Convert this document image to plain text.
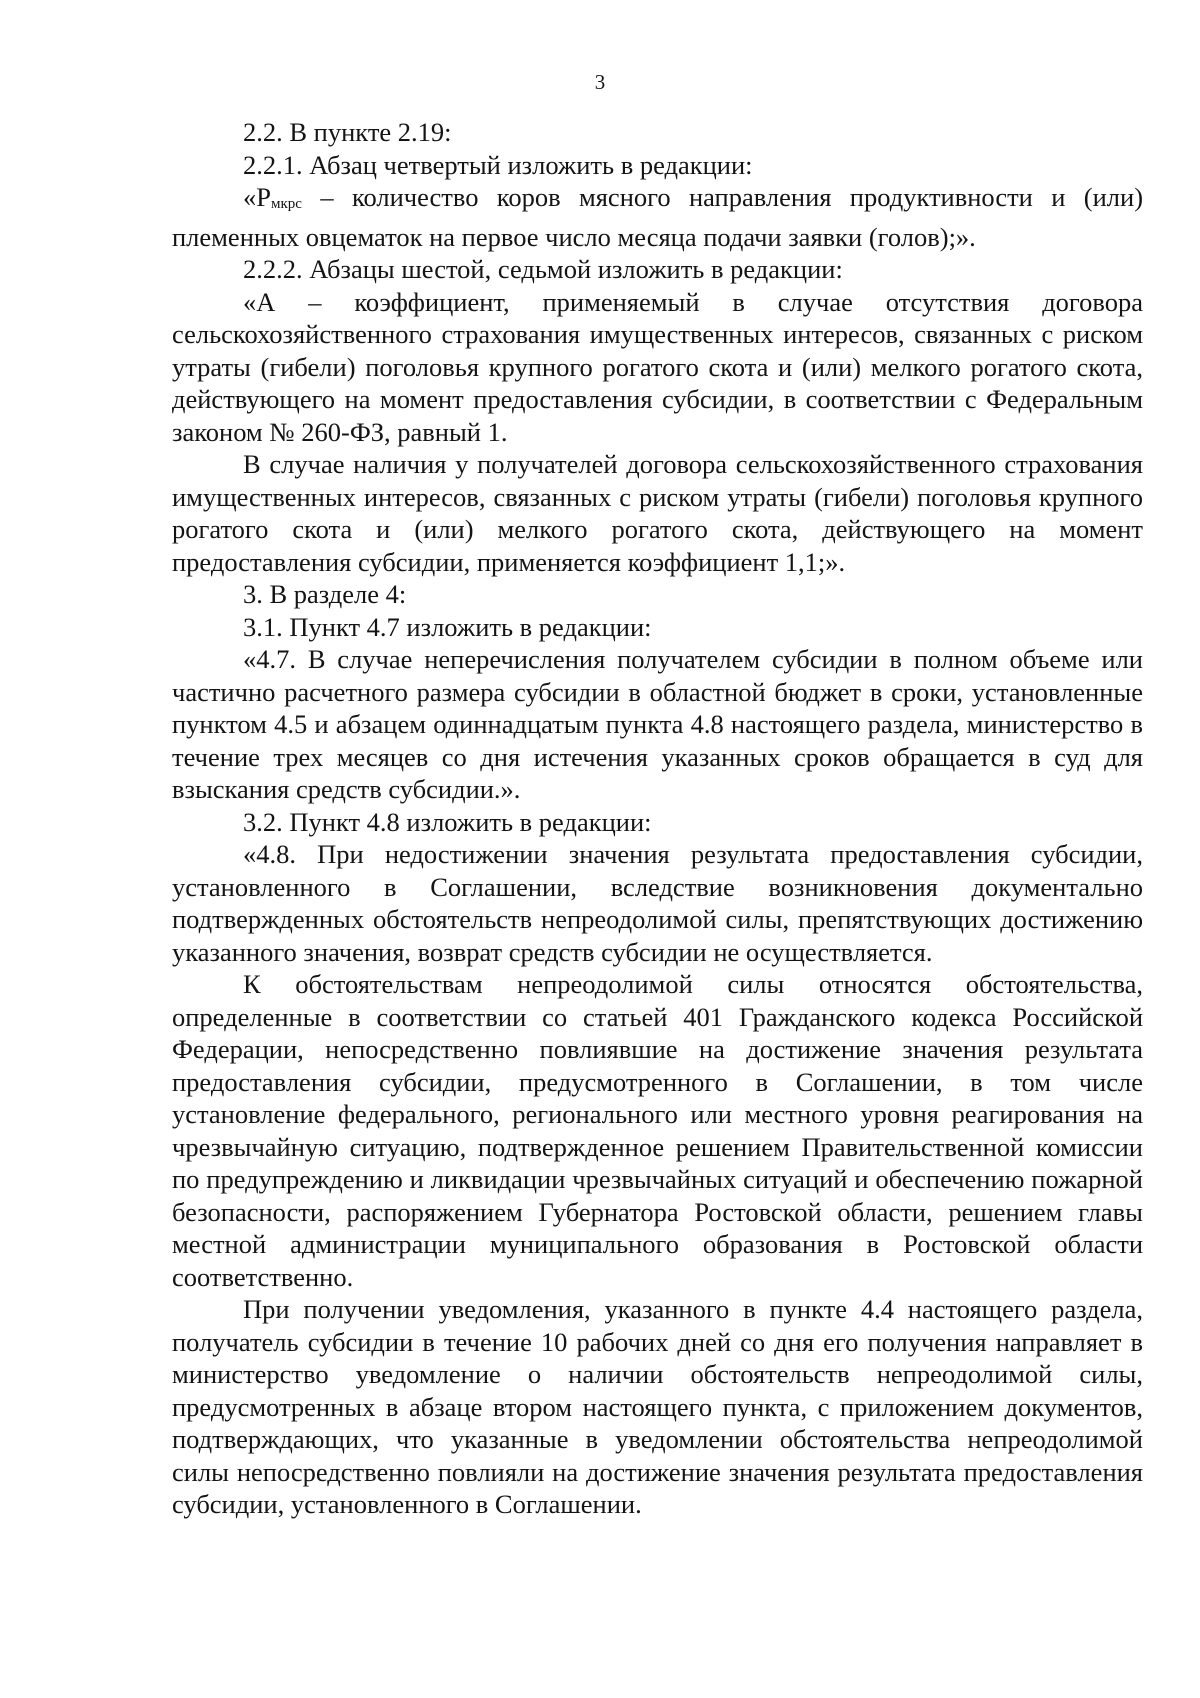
3

2.2. В пункте 2.19:

2.2.1. Абзац четвертый изложить в редакции:

«Рмкрс – количество коров мясного направления продуктивности и (или) племенных овцематок на первое число месяца подачи заявки (голов);».

2.2.2. Абзацы шестой, седьмой изложить в редакции:

«А – коэффициент, применяемый в случае отсутствия договора сельскохозяйственного страхования имущественных интересов, связанных с риском утраты (гибели) поголовья крупного рогатого скота и (или) мелкого рогатого скота, действующего на момент предоставления субсидии, в соответствии с Федеральным законом № 260-ФЗ, равный 1.

В случае наличия у получателей договора сельскохозяйственного страхования имущественных интересов, связанных с риском утраты (гибели) поголовья крупного рогатого скота и (или) мелкого рогатого скота, действующего на момент предоставления субсидии, применяется коэффициент 1,1;».

3. В разделе 4:

3.1. Пункт 4.7 изложить в редакции:

«4.7. В случае неперечисления получателем субсидии в полном объеме или частично расчетного размера субсидии в областной бюджет в сроки, установленные пунктом 4.5 и абзацем одиннадцатым пункта 4.8 настоящего раздела, министерство в течение трех месяцев со дня истечения указанных сроков обращается в суд для взыскания средств субсидии.».

3.2. Пункт 4.8 изложить в редакции:

«4.8. При недостижении значения результата предоставления субсидии, установленного в Соглашении, вследствие возникновения документально подтвержденных обстоятельств непреодолимой силы, препятствующих достижению указанного значения, возврат средств субсидии не осуществляется.

К обстоятельствам непреодолимой силы относятся обстоятельства, определенные в соответствии со статьей 401 Гражданского кодекса Российской Федерации, непосредственно повлиявшие на достижение значения результата предоставления субсидии, предусмотренного в Соглашении, в том числе установление федерального, регионального или местного уровня реагирования на чрезвычайную ситуацию, подтвержденное решением Правительственной комиссии по предупреждению и ликвидации чрезвычайных ситуаций и обеспечению пожарной безопасности, распоряжением Губернатора Ростовской области, решением главы местной администрации муниципального образования в Ростовской области соответственно.

При получении уведомления, указанного в пункте 4.4 настоящего раздела, получатель субсидии в течение 10 рабочих дней со дня его получения направляет в министерство уведомление о наличии обстоятельств непреодолимой силы, предусмотренных в абзаце втором настоящего пункта, с приложением документов, подтверждающих, что указанные в уведомлении обстоятельства непреодолимой силы непосредственно повлияли на достижение значения результата предоставления субсидии, установленного в Соглашении.
